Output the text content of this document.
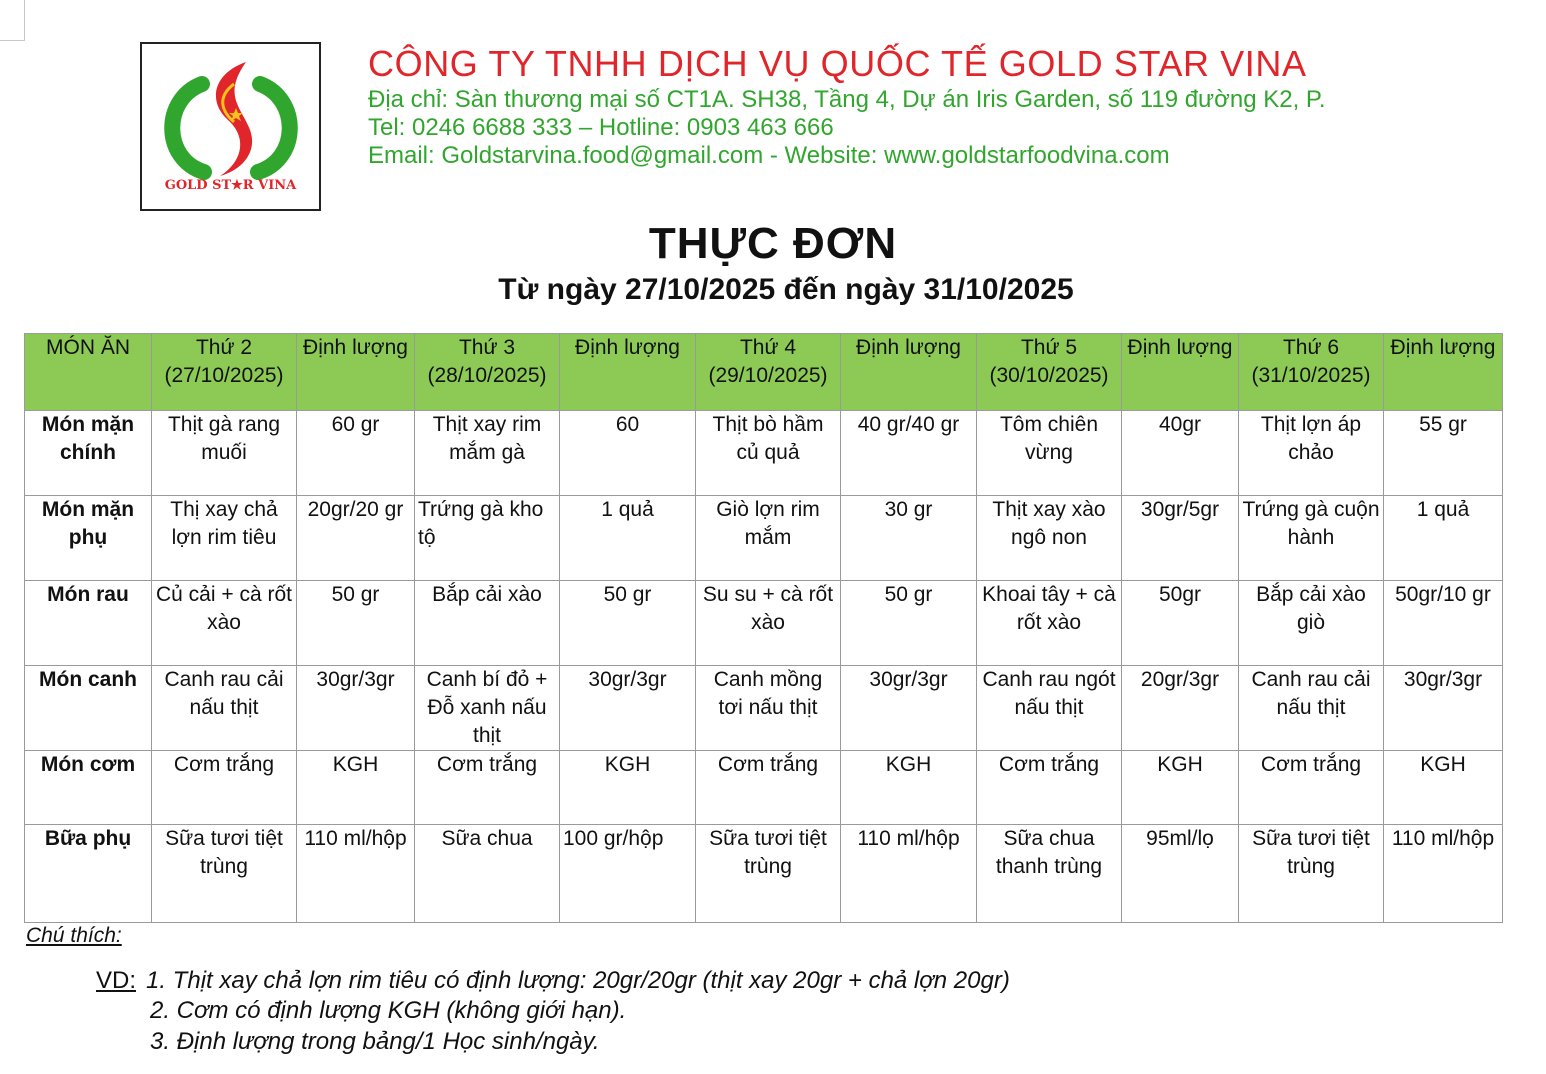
GOLD ST★R VINA
CÔNG TY TNHH DỊCH VỤ QUỐC TẾ GOLD STAR VINA
Địa chỉ: Sàn thương mại số CT1A. SH38, Tầng 4, Dự án Iris Garden, số 119 đường K2, P.
Tel: 0246 6688 333 – Hotline: 0903 463 666
Email: Goldstarvina.food@gmail.com - Website: www.goldstarfoodvina.com
THỰC ĐƠN
Từ ngày 27/10/2025 đến ngày 31/10/2025
MÓN ĂN	Thứ 2 (27/10/2025)	Định lượng	Thứ 3 (28/10/2025)	Định lượng	Thứ 4 (29/10/2025)	Định lượng	Thứ 5 (30/10/2025)	Định lượng	Thứ 6 (31/10/2025)	Định lượng
Món mặn chính	Thịt gà rang muối	60 gr	Thịt xay rim mắm gà	60	Thịt bò hầm củ quả	40 gr/40 gr	Tôm chiên vừng	40gr	Thịt lợn áp chảo	55 gr
Món mặn phụ	Thị xay chả lợn rim tiêu	20gr/20 gr	Trứng gà kho tộ	1 quả	Giò lợn rim mắm	30 gr	Thịt xay xào ngô non	30gr/5gr	Trứng gà cuộn hành	1 quả
Món rau	Củ cải + cà rốt xào	50 gr	Bắp cải xào	50 gr	Su su + cà rốt xào	50 gr	Khoai tây + cà rốt xào	50gr	Bắp cải xào giò	50gr/10 gr
Món canh	Canh rau cải nấu thịt	30gr/3gr	Canh bí đỏ + Đỗ xanh nấu thịt	30gr/3gr	Canh mồng tơi nấu thịt	30gr/3gr	Canh rau ngót nấu thịt	20gr/3gr	Canh rau cải nấu thịt	30gr/3gr
Món cơm	Cơm trắng	KGH	Cơm trắng	KGH	Cơm trắng	KGH	Cơm trắng	KGH	Cơm trắng	KGH
Bữa phụ	Sữa tươi tiệt trùng	110 ml/hộp	Sữa chua	100 gr/hộp	Sữa tươi tiệt trùng	110 ml/hộp	Sữa chua thanh trùng	95ml/lọ	Sữa tươi tiệt trùng	110 ml/hộp
Chú thích:
VD: 1. Thịt xay chả lợn rim tiêu có định lượng: 20gr/20gr (thịt xay 20gr + chả lợn 20gr)
2. Cơm có định lượng KGH (không giới hạn).
3. Định lượng trong bảng/1 Học sinh/ngày.
